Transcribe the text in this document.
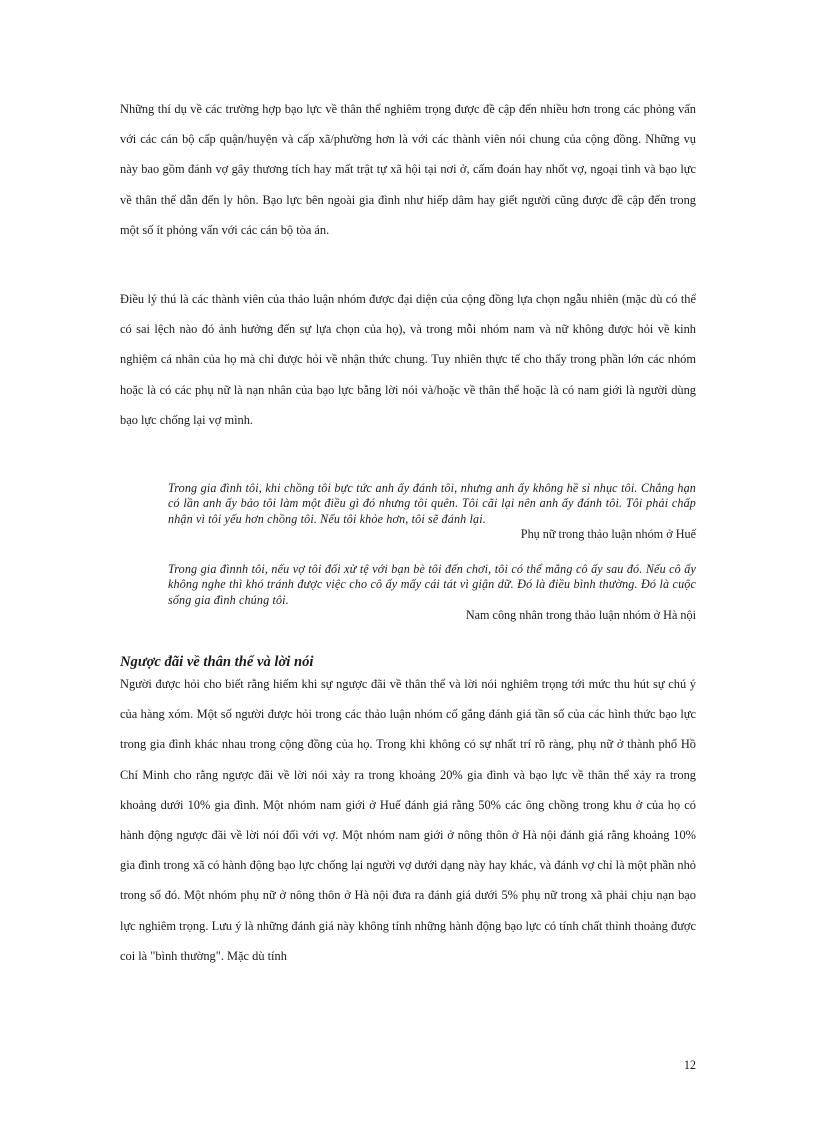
Những thí dụ về các trường hợp bạo lực về thân thể nghiêm trọng được đề cập đến nhiều hơn trong các phỏng vấn với các cán bộ cấp quận/huyện và cấp xã/phường hơn là với các thành viên nói chung của cộng đồng. Những vụ này bao gồm đánh vợ gây thương tích hay mất trật tự xã hội tại nơi ở, cấm đoán hay nhốt vợ, ngoại tình và bạo lực về thân thể dẫn đến ly hôn. Bạo lực bên ngoài gia đình như hiếp dâm hay giết người cũng được đề cập đến trong một số ít phỏng vấn với các cán bộ tòa án.

Điều lý thú là các thành viên của thảo luận nhóm được đại diện của cộng đồng lựa chọn ngẫu nhiên (mặc dù có thể có sai lệch nào đó ảnh hưởng đến sự lựa chọn của họ), và trong mỗi nhóm nam và nữ không được hỏi về kinh nghiệm cá nhân của họ mà chỉ được hỏi về nhận thức chung. Tuy nhiên thực tế cho thấy trong phần lớn các nhóm hoặc là có các phụ nữ là nạn nhân của bạo lực bằng lời nói và/hoặc về thân thể hoặc là có nam giới là người dùng bạo lực chống lại vợ mình.

Trong gia đình tôi, khi chồng tôi bực tức anh ấy đánh tôi, nhưng anh ấy không hề sỉ nhục tôi. Chẳng hạn có lần anh ấy bảo tôi làm một điều gì đó nhưng tôi quên. Tôi cãi lại nên anh ấy đánh tôi. Tôi phải chấp nhận vì tôi yếu hơn chồng tôi. Nếu tôi khỏe hơn, tôi sẽ đánh lại.

Phụ nữ trong thảo luận nhóm ở Huế

Trong gia đìnnh tôi, nếu vợ tôi đối xử tệ với bạn bè tôi đến chơi, tôi có thể mắng cô ấy sau đó. Nếu cô ấy không nghe thì khó tránh được việc cho cô ấy mấy cái tát vì giận dữ. Đó là điều bình thường. Đó là cuộc sống gia đình chúng tôi.

Nam công nhân trong thảo luận nhóm ở Hà nội

Ngược đãi về thân thể và lời nói

Người được hỏi cho biết rằng hiếm khi sự ngược đãi về thân thể và lời nói nghiêm trọng tới mức thu hút sự chú ý của hàng xóm. Một số người được hỏi trong các thảo luận nhóm cố gắng đánh giá tần số của các hình thức bạo lực trong gia đình khác nhau trong cộng đồng của họ. Trong khi không có sự nhất trí rõ ràng, phụ nữ ở thành phố Hồ Chí Minh cho rằng ngược đãi về lời nói xảy ra trong khoảng 20% gia đình và bạo lực về thân thể xảy ra trong khoảng dưới 10% gia đình. Một nhóm nam giới ở Huế đánh giá rằng 50% các ông chồng trong khu ở của họ có hành động ngược đãi về lời nói đối với vợ. Một nhóm nam giới ở nông thôn ở Hà nội đánh giá rằng khoảng 10% gia đình trong xã có hành động bạo lực chống lại người vợ dưới dạng này hay khác, và đánh vợ chỉ là một phần nhỏ trong số đó. Một nhóm phụ nữ ở nông thôn ở Hà nội đưa ra đánh giá dưới 5% phụ nữ trong xã phải chịu nạn bạo lực nghiêm trọng. Lưu ý là những đánh giá này không tính những hành động bạo lực có tính chất thỉnh thoảng được coi là "bình thường". Mặc dù tính

12
